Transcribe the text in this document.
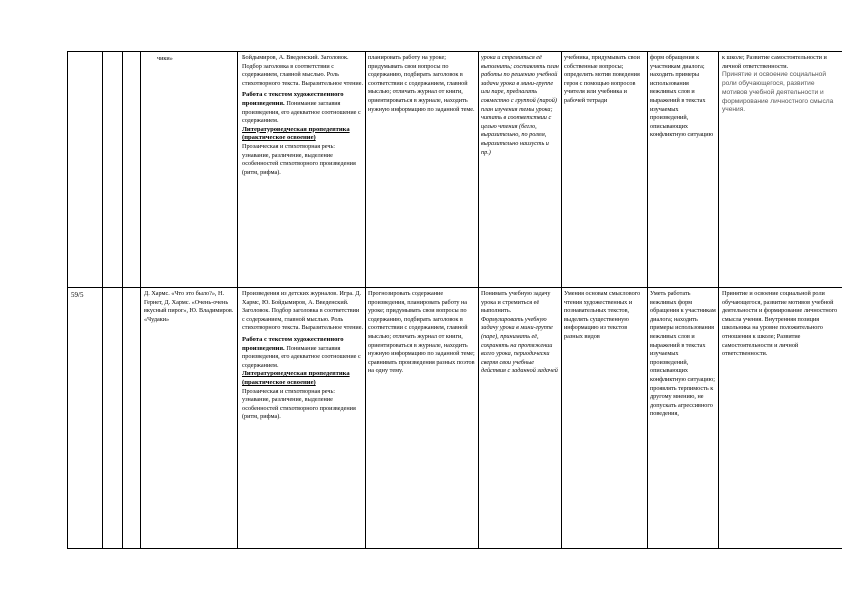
чики»	Бойдымиров, А. Введенский. Заголовок. Подбор заголовка в соответствии с содержанием, главной мыслью. Роль стихотворного текста. Выразительное чтение.

Работа с текстом художественного произведения. Понимание заглавия произведения, его адекватное соотношение с содержанием.

Литературоведческая пропедевтика (практическое освоение)

Прозаическая и стихотворная речь: узнавание, различение, выделение особенностей стихотворного произведения (ритм, рифма).

планировать работу на уроке; придумывать свои вопросы по содержанию, подбирать заголовок в соответствии с содержанием, главной мыслью; отличать журнал от книги, ориентироваться в журнале, находить нужную информацию по заданной теме.
урока и стремиться её выполнить; составлять план работы по решению учебной задачи урока в мини-группе или паре, предлагать совместно с группой (парой) план изучения темы урока; читать в соответствии с целью чтения (бегло, выразительно, по ролям, выразительно наизусть и пр.)
учебника, придумывать свои собственные вопросы; определять мотив поведения героя с помощью вопросов учителя или учебника и рабочей тетради
форм обращения к участникам диалога; находить примеры использования вежливых слов и выражений в текстах изучаемых произведений, описывающих конфликтную ситуацию

к школе; Развитие самостоятельности и личной ответственности.

Принятие и освоение социальной роли обучающегося, развитие мотивов учебной деятельности и формирование личностного смысла учения.

59/5	Д. Хармс. «Что это было?», Н. Гернет, Д. Хармс. «Очень-очень вкусный пирог», Ю. Владимиров. «Чудаки»

Произведения из детских журналов. Игра. Д. Хармс, Ю. Бойдымиров, А. Введенский. Заголовок. Подбор заголовка в соответствии с содержанием, главной мыслью. Роль стихотворного текста. Выразительное чтение.

Работа с текстом художественного произведения. Понимание заглавия произведения, его адекватное соотношение с содержанием.

Литературоведческая пропедевтика (практическое освоение)

Прозаическая и стихотворная речь: узнавание, различение, выделение особенностей стихотворного произведения (ритм, рифма).

Прогнозировать содержание произведения, планировать работу на уроке; придумывать свои вопросы по содержанию, подбирать заголовок в соответствии с содержанием, главной мыслью; отличать журнал от книги, ориентироваться в журнале, находить нужную информацию по заданной теме; сравнивать произведения разных поэтов на одну тему.

Понимать учебную задачу урока и стремиться её выполнить.

Формулировать учебную задачу урока в мини-группе (паре), принимать её, сохранять на протяжении всего урока, периодически сверяя свои учебные действия с заданной задачей

Умения основам смыслового чтения художественных и познавательных текстов, выделять существенную информацию из текстов разных видов
Уметь работать вежливых форм обращения к участникам диалога; находить примеры использования вежливых слов и выражений в текстах изучаемых произведений, описывающих конфликтную ситуацию; проявлять терпимость к другому мнению, не допускать агрессивного поведения,
Принятие и освоение социальной роли обучающегося, развитие мотивов учебной деятельности и формирование личностного смысла учения. Внутренняя позиция школьника на уровне положительного отношения к школе; Развитие самостоятельности и личной ответственности.
